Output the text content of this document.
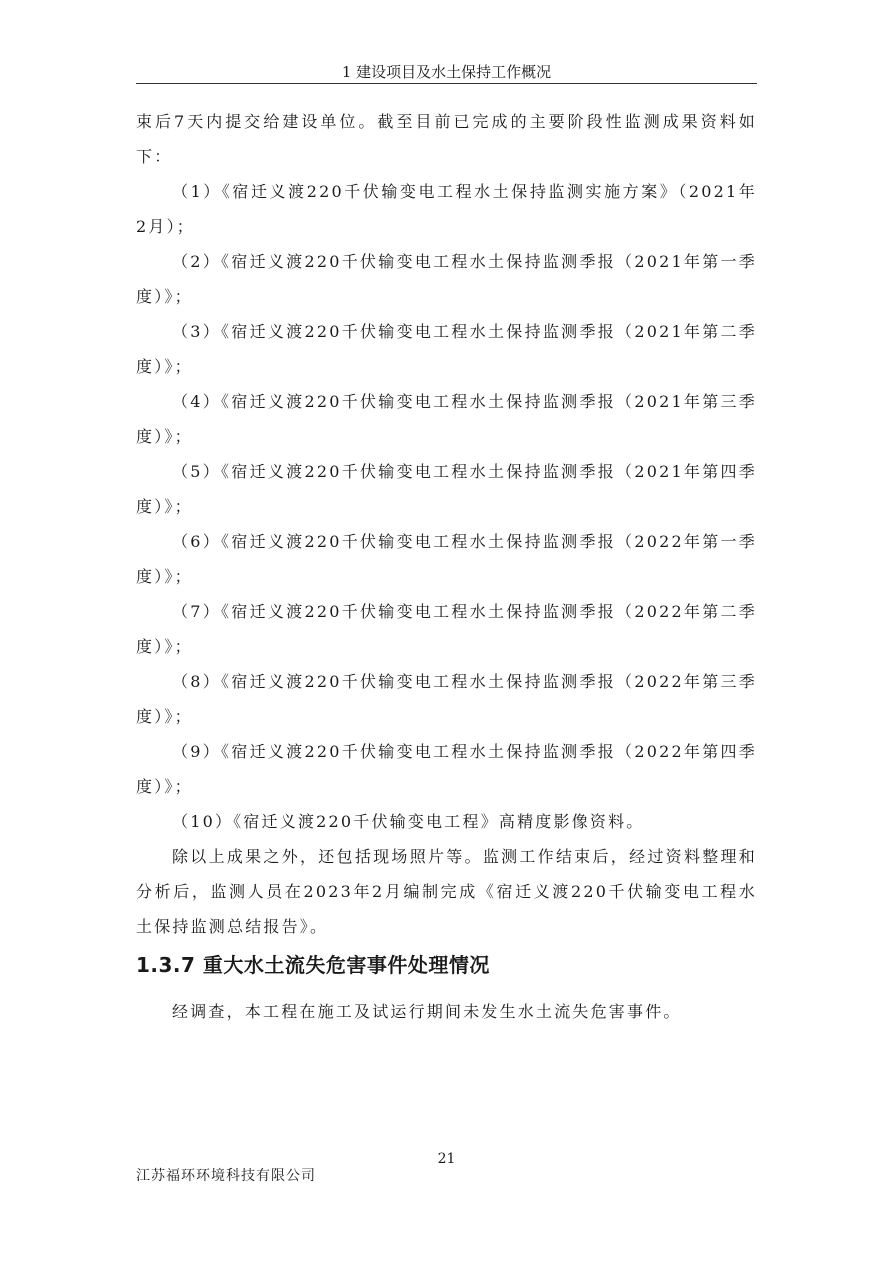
1 建设项目及水土保持工作概况

束后7天内提交给建设单位。截至目前已完成的主要阶段性监测成果资料如下：

（1）《宿迁义渡220千伏输变电工程水土保持监测实施方案》（2021年2月）；

（2）《宿迁义渡220千伏输变电工程水土保持监测季报（2021年第一季度）》；

（3）《宿迁义渡220千伏输变电工程水土保持监测季报（2021年第二季度）》；

（4）《宿迁义渡220千伏输变电工程水土保持监测季报（2021年第三季度）》；

（5）《宿迁义渡220千伏输变电工程水土保持监测季报（2021年第四季度）》；

（6）《宿迁义渡220千伏输变电工程水土保持监测季报（2022年第一季度）》；

（7）《宿迁义渡220千伏输变电工程水土保持监测季报（2022年第二季度）》；

（8）《宿迁义渡220千伏输变电工程水土保持监测季报（2022年第三季度）》；

（9）《宿迁义渡220千伏输变电工程水土保持监测季报（2022年第四季度）》；

（10）《宿迁义渡220千伏输变电工程》高精度影像资料。

除以上成果之外，还包括现场照片等。监测工作结束后，经过资料整理和分析后，监测人员在2023年2月编制完成《宿迁义渡220千伏输变电工程水土保持监测总结报告》。

1.3.7 重大水土流失危害事件处理情况

经调查，本工程在施工及试运行期间未发生水土流失危害事件。

21
江苏福环环境科技有限公司
